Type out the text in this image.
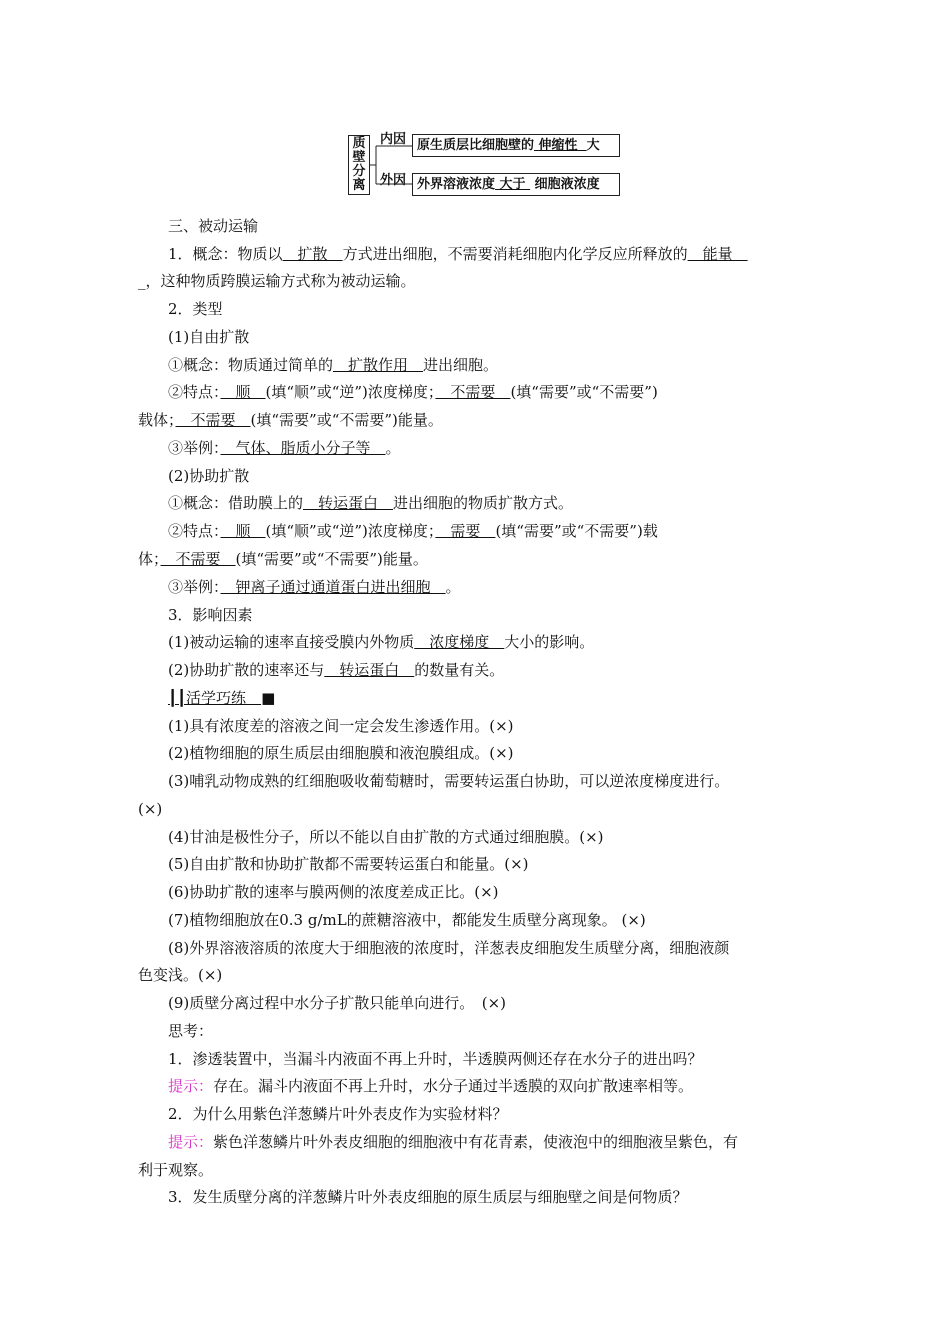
质壁分离
内因
外因
原生质层比细胞壁的 伸缩性 大
外界溶液浓度 大于 细胞液浓度
三、被动运输
1．概念：物质以　扩散　方式进出细胞，不需要消耗细胞内化学反应所释放的　能量　
_，这种物质跨膜运输方式称为被动运输。
2．类型
(1)自由扩散
①概念：物质通过简单的　扩散作用　进出细胞。
②特点：　顺　(填“顺”或“逆”)浓度梯度；　不需要　(填“需要”或“不需要”)
载体；　不需要　(填“需要”或“不需要”)能量。
③举例：　气体、脂质小分子等　。
(2)协助扩散
①概念：借助膜上的　转运蛋白　进出细胞的物质扩散方式。
②特点：　顺　(填“顺”或“逆”)浓度梯度；　需要　(填“需要”或“不需要”)载
体；　不需要　(填“需要”或“不需要”)能量。
③举例：　钾离子通过通道蛋白进出细胞　。
3．影响因素
(1)被动运输的速率直接受膜内外物质　浓度梯度　大小的影响。
(2)协助扩散的速率还与　转运蛋白　的数量有关。
┃┃活学巧练　■
(1)具有浓度差的溶液之间一定会发生渗透作用。(×)
(2)植物细胞的原生质层由细胞膜和液泡膜组成。(×)
(3)哺乳动物成熟的红细胞吸收葡萄糖时，需要转运蛋白协助，可以逆浓度梯度进行。
(×)
(4)甘油是极性分子，所以不能以自由扩散的方式通过细胞膜。(×)
(5)自由扩散和协助扩散都不需要转运蛋白和能量。(×)
(6)协助扩散的速率与膜两侧的浓度差成正比。(×)
(7)植物细胞放在0.3 g/mL的蔗糖溶液中，都能发生质壁分离现象。 (×)
(8)外界溶液溶质的浓度大于细胞液的浓度时，洋葱表皮细胞发生质壁分离，细胞液颜
色变浅。(×)
(9)质壁分离过程中水分子扩散只能单向进行。　(×)
思考：
1．渗透装置中，当漏斗内液面不再上升时，半透膜两侧还存在水分子的进出吗？
提示：存在。漏斗内液面不再上升时，水分子通过半透膜的双向扩散速率相等。
2．为什么用紫色洋葱鳞片叶外表皮作为实验材料？
提示：紫色洋葱鳞片叶外表皮细胞的细胞液中有花青素，使液泡中的细胞液呈紫色，有
利于观察。
3．发生质壁分离的洋葱鳞片叶外表皮细胞的原生质层与细胞壁之间是何物质？
